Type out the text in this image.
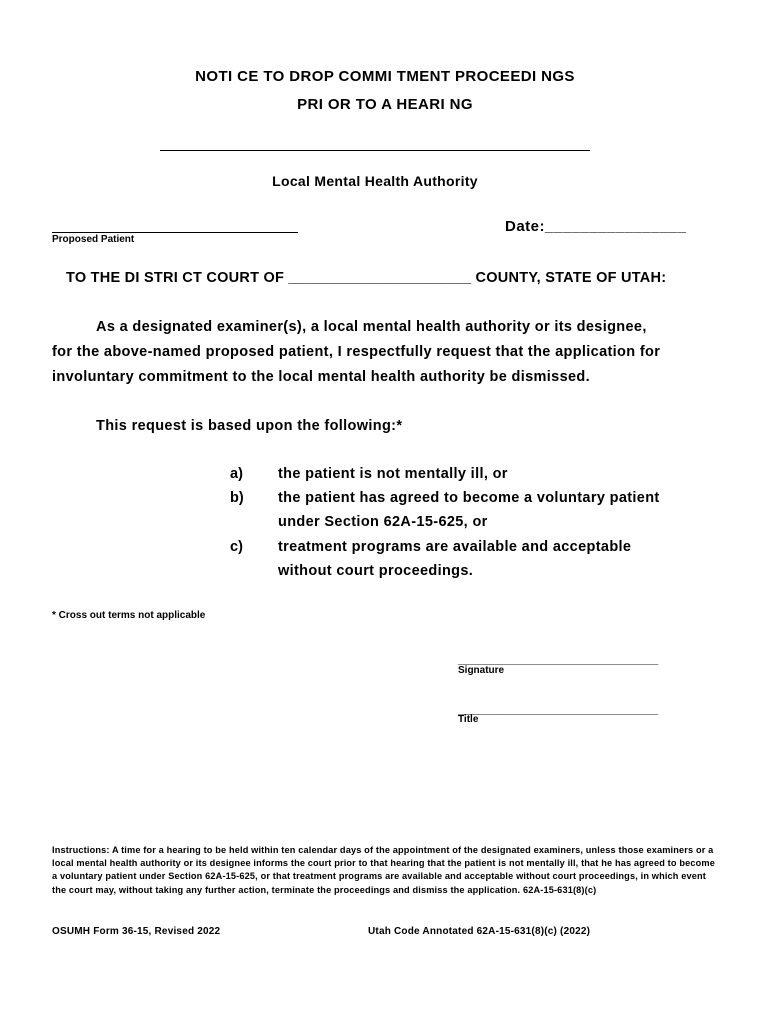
NOTI CE TO DROP COMMI TMENT PROCEEDI NGS
PRI OR TO A HEARI NG
Local Mental Health Authority
Proposed Patient
Date:________________
TO THE DI STRI CT COURT OF ______________________ COUNTY, STATE OF UTAH:
As a designated examiner(s), a local mental health authority or its designee,
for the above-named proposed patient, I respectfully request that the application for
involuntary commitment to the local mental health authority be dismissed.
This request is based upon the following:*
a) the patient is not mentally ill, or
b) the patient has agreed to become a voluntary patient
under Section 62A-15-625, or
c) treatment programs are available and acceptable
without court proceedings.
* Cross out terms not applicable
______________________________
Signature
______________________________
Title
Instructions: A time for a hearing to be held within ten calendar days of the appointment of the designated examiners, unless those examiners or a local mental health authority or its designee informs the court prior to that hearing that the patient is not mentally ill, that he has agreed to become a voluntary patient under Section 62A-15-625, or that treatment programs are available and acceptable without court proceedings, in which event the court may, without taking any further action, terminate the proceedings and dismiss the application. 62A-15-631(8)(c)
OSUMH Form 36-15, Revised 2022	Utah Code Annotated 62A-15-631(8)(c) (2022)
